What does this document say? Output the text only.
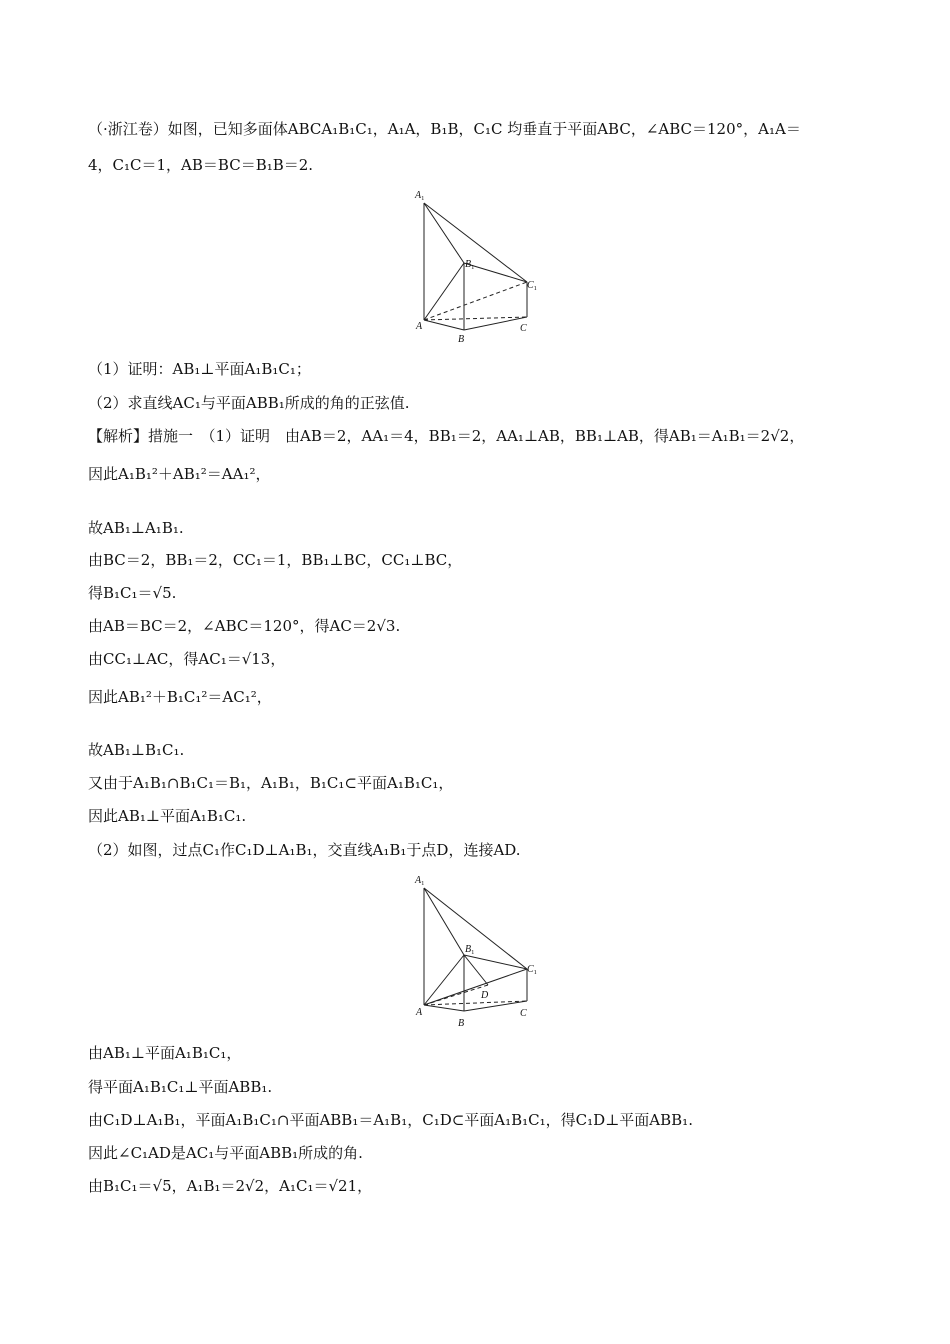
（·浙江卷）如图，已知多面体ABCA₁B₁C₁，A₁A，B₁B，C₁C 均垂直于平面ABC，∠ABC＝120°，A₁A＝
4，C₁C＝1，AB＝BC＝B₁B＝2.
$A_1$
$B_1$
$C_1$
A
B
C
（1）证明：AB₁⊥平面A₁B₁C₁；
（2）求直线AC₁与平面ABB₁所成的角的正弦值.
【解析】措施一　（1）证明　由AB＝2，AA₁＝4，BB₁＝2，AA₁⊥AB，BB₁⊥AB，得AB₁＝A₁B₁＝2√2，
因此A₁B₁²＋AB₁²＝AA₁²，
故AB₁⊥A₁B₁.
由BC＝2，BB₁＝2，CC₁＝1，BB₁⊥BC，CC₁⊥BC，
得B₁C₁＝√5.
由AB＝BC＝2，∠ABC＝120°，得AC＝2√3.
由CC₁⊥AC，得AC₁＝√13，
因此AB₁²＋B₁C₁²＝AC₁²，
故AB₁⊥B₁C₁.
又由于A₁B₁∩B₁C₁＝B₁，A₁B₁，B₁C₁⊂平面A₁B₁C₁，
因此AB₁⊥平面A₁B₁C₁.
（2）如图，过点C₁作C₁D⊥A₁B₁，交直线A₁B₁于点D，连接AD.
$A_1$
$B_1$
$C_1$
D
A
B
C
由AB₁⊥平面A₁B₁C₁，
得平面A₁B₁C₁⊥平面ABB₁.
由C₁D⊥A₁B₁，平面A₁B₁C₁∩平面ABB₁＝A₁B₁，C₁D⊂平面A₁B₁C₁，得C₁D⊥平面ABB₁.
因此∠C₁AD是AC₁与平面ABB₁所成的角.
由B₁C₁＝√5，A₁B₁＝2√2，A₁C₁＝√21，
